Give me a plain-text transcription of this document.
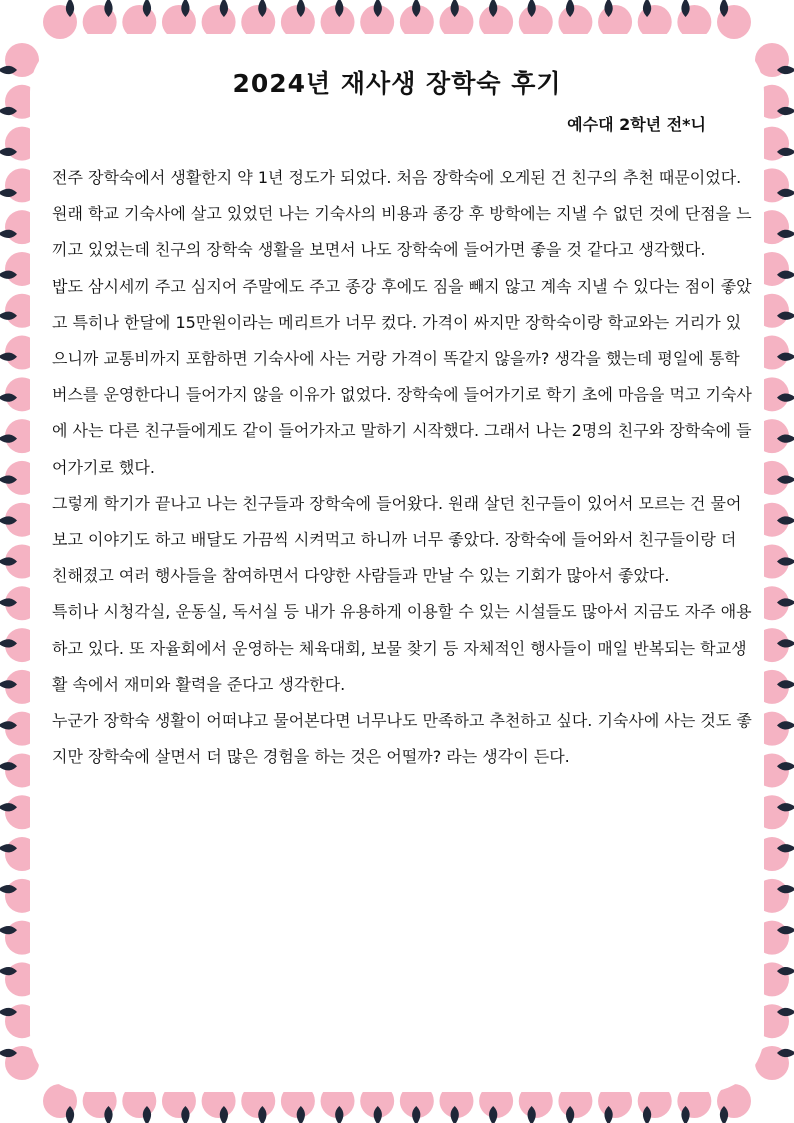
2024년 재사생 장학숙 후기
예수대 2학년 전*니

전주 장학숙에서 생활한지 약 1년 정도가 되었다. 처음 장학숙에 오게된 건 친구의 추천 때문이었다. 원래 학교 기숙사에 살고 있었던 나는 기숙사의 비용과 종강 후 방학에는 지낼 수 없던 것에 단점을 느끼고 있었는데 친구의 장학숙 생활을 보면서 나도 장학숙에 들어가면 좋을 것 같다고 생각했다.

밥도 삼시세끼 주고 심지어 주말에도 주고 종강 후에도 짐을 빼지 않고 계속 지낼 수 있다는 점이 좋았고 특히나 한달에 15만원이라는 메리트가 너무 컸다. 가격이 싸지만 장학숙이랑 학교와는 거리가 있으니까 교통비까지 포함하면 기숙사에 사는 거랑 가격이 똑같지 않을까? 생각을 했는데 평일에 통학버스를 운영한다니 들어가지 않을 이유가 없었다. 장학숙에 들어가기로 학기 초에 마음을 먹고 기숙사에 사는 다른 친구들에게도 같이 들어가자고 말하기 시작했다. 그래서 나는 2명의 친구와 장학숙에 들어가기로 했다.

그렇게 학기가 끝나고 나는 친구들과 장학숙에 들어왔다. 원래 살던 친구들이 있어서 모르는 건 물어보고 이야기도 하고 배달도 가끔씩 시켜먹고 하니까 너무 좋았다. 장학숙에 들어와서 친구들이랑 더 친해졌고 여러 행사들을 참여하면서 다양한 사람들과 만날 수 있는 기회가 많아서 좋았다.

특히나 시청각실, 운동실, 독서실 등 내가 유용하게 이용할 수 있는 시설들도 많아서 지금도 자주 애용하고 있다. 또 자율회에서 운영하는 체육대회, 보물 찾기 등 자체적인 행사들이 매일 반복되는 학교생활 속에서 재미와 활력을 준다고 생각한다.

누군가 장학숙 생활이 어떠냐고 물어본다면 너무나도 만족하고 추천하고 싶다. 기숙사에 사는 것도 좋지만 장학숙에 살면서 더 많은 경험을 하는 것은 어떨까? 라는 생각이 든다.
